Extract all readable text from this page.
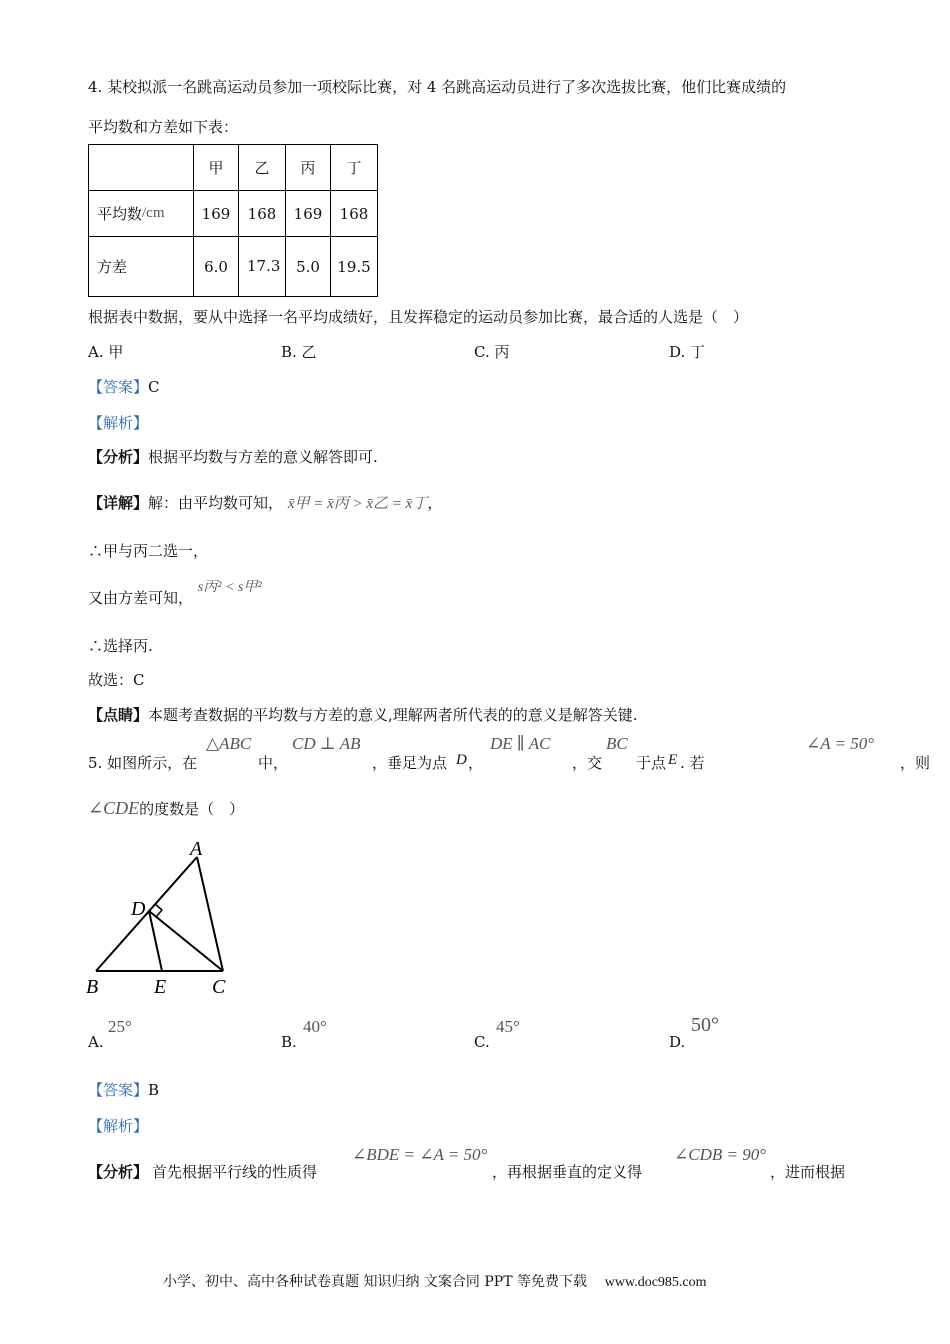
4. 某校拟派一名跳高运动员参加一项校际比赛，对 4 名跳高运动员进行了多次选拔比赛，他们比赛成绩的
平均数和方差如下表：
	甲	乙	丙	丁
平均数/cm	169	168	169	168
方差	6.0	17.3	5.0	19.5
根据表中数据，要从中选择一名平均成绩好，且发挥稳定的运动员参加比赛，最合适的人选是（　）
A. 甲	B. 乙	C. 丙	D. 丁
【答案】C
【解析】
【分析】根据平均数与方差的意义解答即可.
【详解】解：由平均数可知， x̄甲 = x̄丙 > x̄乙 = x̄丁，
∴甲与丙二选一，
又由方差可知， s丙² < s甲²
∴选择丙.
故选：C
【点睛】本题考查数据的平均数与方差的意义,理解两者所代表的的意义是解答关键.
5. 如图所示，在
△ABC
中，
CD ⊥ AB
，垂足为点 D ，
DE ∥ AC
，交
BC
于点 E . 若
∠A = 50°
，则
∠CDE的度数是（　）
A
D
B	E C
A.
25°
B.
40°
C.
45°
D.
50°
【答案】B
【解析】
【分析】 首先根据平行线的性质得
∠BDE = ∠A = 50°
，再根据垂直的定义得
∠CDB = 90°
，进而根据
小学、初中、高中各种试卷真题 知识归纳 文案合同 PPT 等免费下载 www.doc985.com
